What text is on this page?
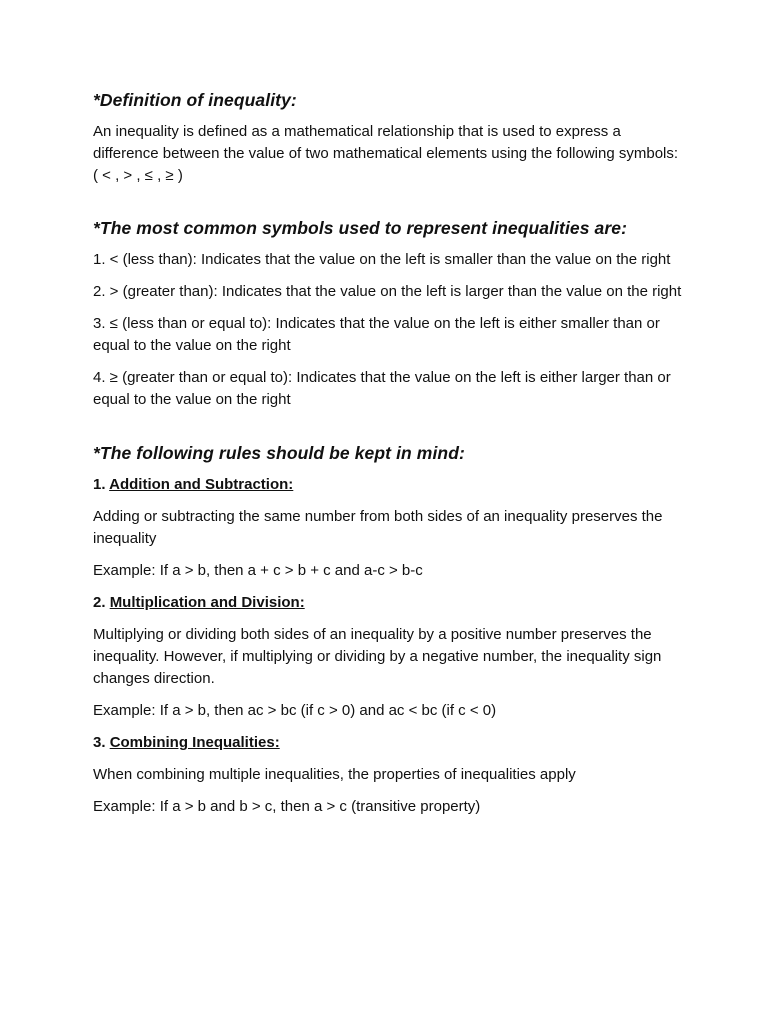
*Definition of inequality:

An inequality is defined as a mathematical relationship that is used to express a difference between the value of two mathematical elements using the following symbols: ( < , > , ≤ , ≥ )

*The most common symbols used to represent inequalities are:

1. < (less than): Indicates that the value on the left is smaller than the value on the right

2. > (greater than): Indicates that the value on the left is larger than the value on the right

3. ≤ (less than or equal to): Indicates that the value on the left is either smaller than or equal to the value on the right

4. ≥ (greater than or equal to): Indicates that the value on the left is either larger than or equal to the value on the right

*The following rules should be kept in mind:

1. Addition and Subtraction:

Adding or subtracting the same number from both sides of an inequality preserves the inequality

Example: If a > b, then a + c > b + c and a-c > b-c

2. Multiplication and Division:

Multiplying or dividing both sides of an inequality by a positive number preserves the inequality. However, if multiplying or dividing by a negative number, the inequality sign changes direction.

Example: If a > b, then ac > bc (if c > 0) and ac < bc (if c < 0)

3. Combining Inequalities:

When combining multiple inequalities, the properties of inequalities apply

Example: If a > b and b > c, then a > c (transitive property)
